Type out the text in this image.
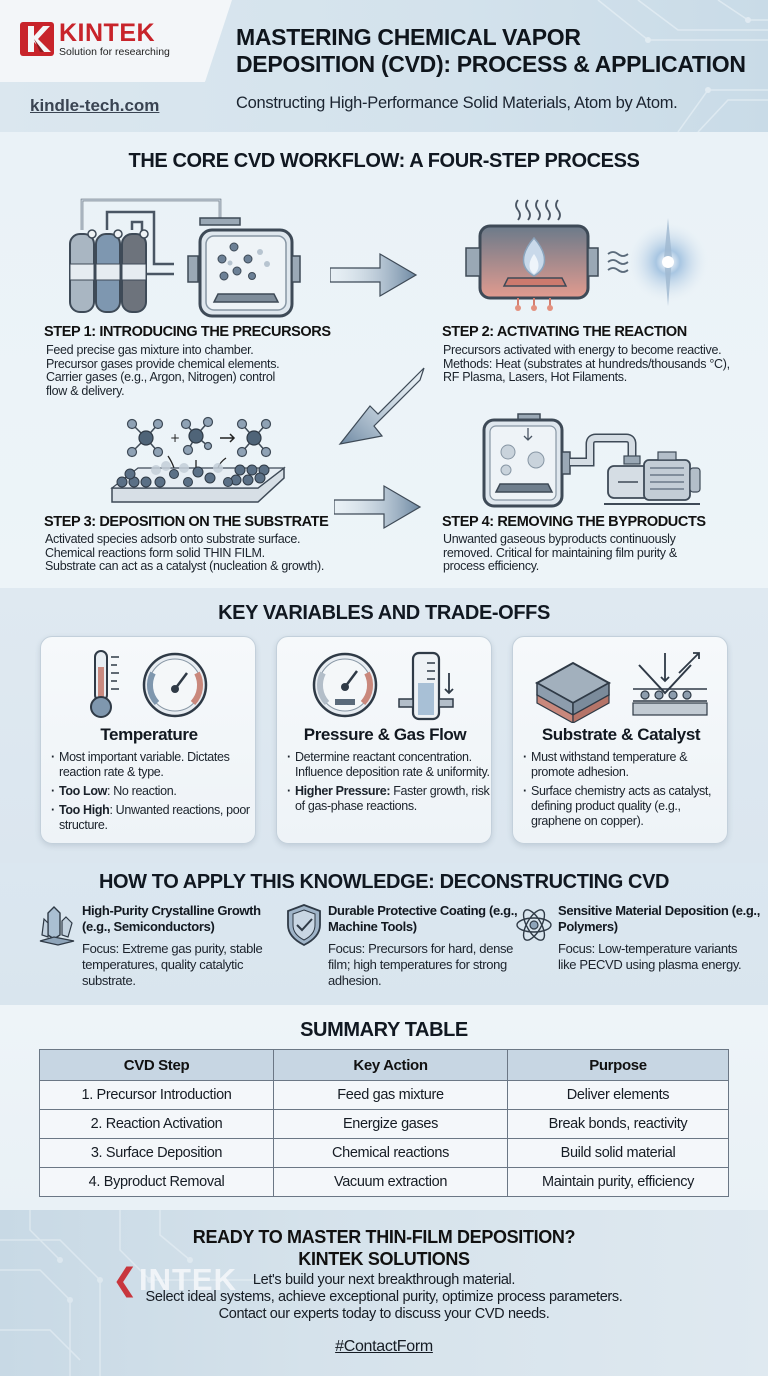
KINTEK
Solution for researching
kindle-tech.com
MASTERING CHEMICAL VAPOR
DEPOSITION (CVD): PROCESS & APPLICATION
Constructing High-Performance Solid Materials, Atom by Atom.
THE CORE CVD WORKFLOW: A FOUR-STEP PROCESS
STEP 1: INTRODUCING THE PRECURSORS
Feed precise gas mixture into chamber.
Precursor gases provide chemical elements.
Carrier gases (e.g., Argon, Nitrogen) control
flow & delivery.
STEP 2: ACTIVATING THE REACTION
Precursors activated with energy to become reactive.
Methods: Heat (substrates at hundreds/thousands °C),
RF Plasma, Lasers, Hot Filaments.
+
STEP 3: DEPOSITION ON THE SUBSTRATE
Activated species adsorb onto substrate surface.
Chemical reactions form solid THIN FILM.
Substrate can act as a catalyst (nucleation & growth).
STEP 4: REMOVING THE BYPRODUCTS
Unwanted gaseous byproducts continuously
removed. Critical for maintaining film purity &
process efficiency.
KEY VARIABLES AND TRADE-OFFS
Temperature
· Most important variable. Dictates reaction rate & type.
· Too Low: No reaction.
· Too High: Unwanted reactions, poor structure.
Pressure & Gas Flow
· Determine reactant concentration. Influence deposition rate & uniformity.
· Higher Pressure: Faster growth, risk of gas-phase reactions.
Substrate & Catalyst
· Must withstand temperature & promote adhesion.
· Surface chemistry acts as catalyst, defining product quality (e.g., graphene on copper).
HOW TO APPLY THIS KNOWLEDGE: DECONSTRUCTING CVD
High-Purity Crystalline Growth (e.g., Semiconductors)
Focus: Extreme gas purity, stable temperatures, quality catalytic substrate.
Durable Protective Coating (e.g., Machine Tools)
Focus: Precursors for hard, dense film; high temperatures for strong adhesion.
Sensitive Material Deposition (e.g., Polymers)
Focus: Low-temperature variants like PECVD using plasma energy.
SUMMARY TABLE
CVD Step	Key Action	Purpose
1. Precursor Introduction	Feed gas mixture	Deliver elements
2. Reaction Activation	Energize gases	Break bonds, reactivity
3. Surface Deposition	Chemical reactions	Build solid material
4. Byproduct Removal	Vacuum extraction	Maintain purity, efficiency
READY TO MASTER THIN-FILM DEPOSITION?
KINTEK SOLUTIONS
❮INTEK	Let's build your next breakthrough material.
Select ideal systems, achieve exceptional purity, optimize process parameters.
Contact our experts today to discuss your CVD needs.
#ContactForm
